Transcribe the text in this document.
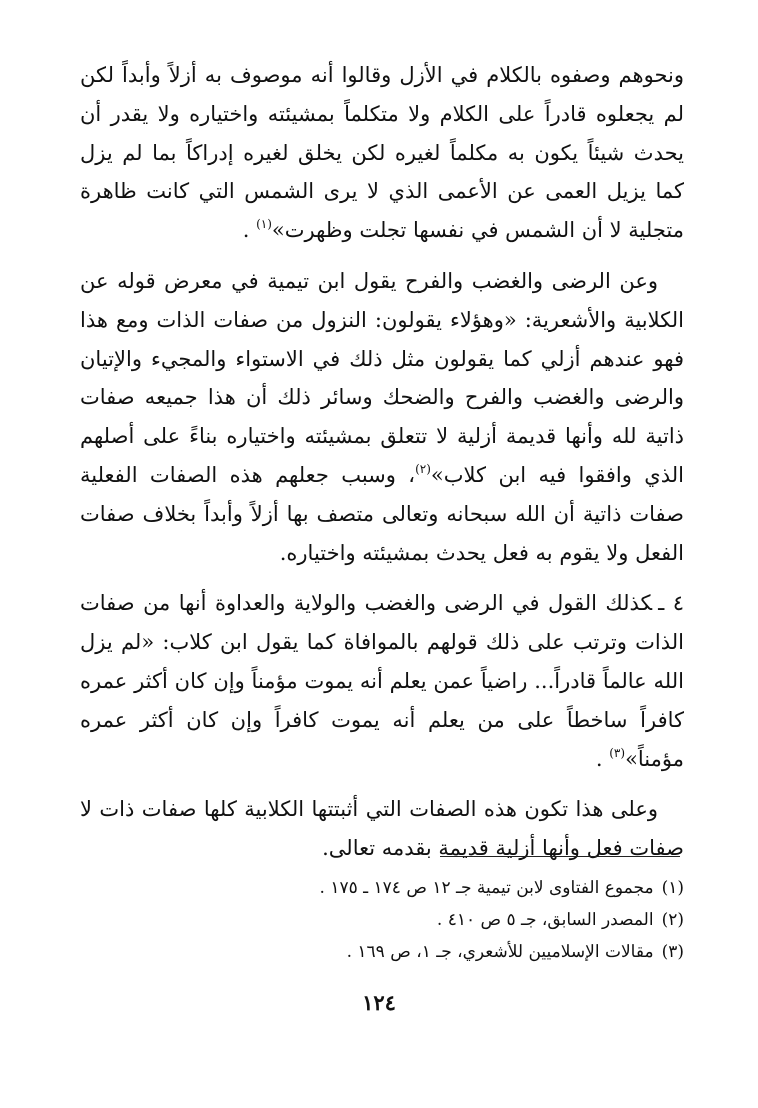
ونحوهم وصفوه بالكلام في الأزل وقالوا أنه موصوف به أزلاً وأبداً لكن لم يجعلوه قادراً على الكلام ولا متكلماً بمشيئته واختياره ولا يقدر أن يحدث شيئاً يكون به مكلماً لغيره لكن يخلق لغيره إدراكاً بما لم يزل كما يزيل العمى عن الأعمى الذي لا يرى الشمس التي كانت ظاهرة متجلية لا أن الشمس في نفسها تجلت وظهرت»$^{(١)}$ .

وعن الرضى والغضب والفرح يقول ابن تيمية في معرض قوله عن الكلابية والأشعرية: «وهؤلاء يقولون: النزول من صفات الذات ومع هذا فهو عندهم أزلي كما يقولون مثل ذلك في الاستواء والمجيء والإتيان والرضى والغضب والفرح والضحك وسائر ذلك أن هذا جميعه صفات ذاتية لله وأنها قديمة أزلية لا تتعلق بمشيئته واختياره بناءً على أصلهم الذي وافقوا فيه ابن كلاب»$^{(٢)}$، وسبب جعلهم هذه الصفات الفعلية صفات ذاتية أن الله سبحانه وتعالى متصف بها أزلاً وأبداً بخلاف صفات الفعل ولا يقوم به فعل يحدث بمشيئته واختياره.

٤ ـكذلك القول في الرضى والغضب والولاية والعداوة أنها من صفات الذات وترتب على ذلك قولهم بالموافاة كما يقول ابن كلاب: «لم يزل الله عالماً قادراً... راضياً عمن يعلم أنه يموت مؤمناً وإن كان أكثر عمره كافراً ساخطاً على من يعلم أنه يموت كافراً وإن كان أكثر عمره مؤمناً»$^{(٣)}$ .

وعلى هذا تكون هذه الصفات التي أثبتتها الكلابية كلها صفات ذات لا صفات فعل وأنها أزلية قديمة بقدمه تعالى.

(١)مجموع الفتاوى لابن تيمية جـ ١٢ ص ١٧٤ ـ ١٧٥ .

(٢)المصدر السابق، جـ ٥ ص ٤١٠ .

(٣)مقالات الإسلاميين للأشعري، جـ ١، ص ١٦٩ .

١٢٤
